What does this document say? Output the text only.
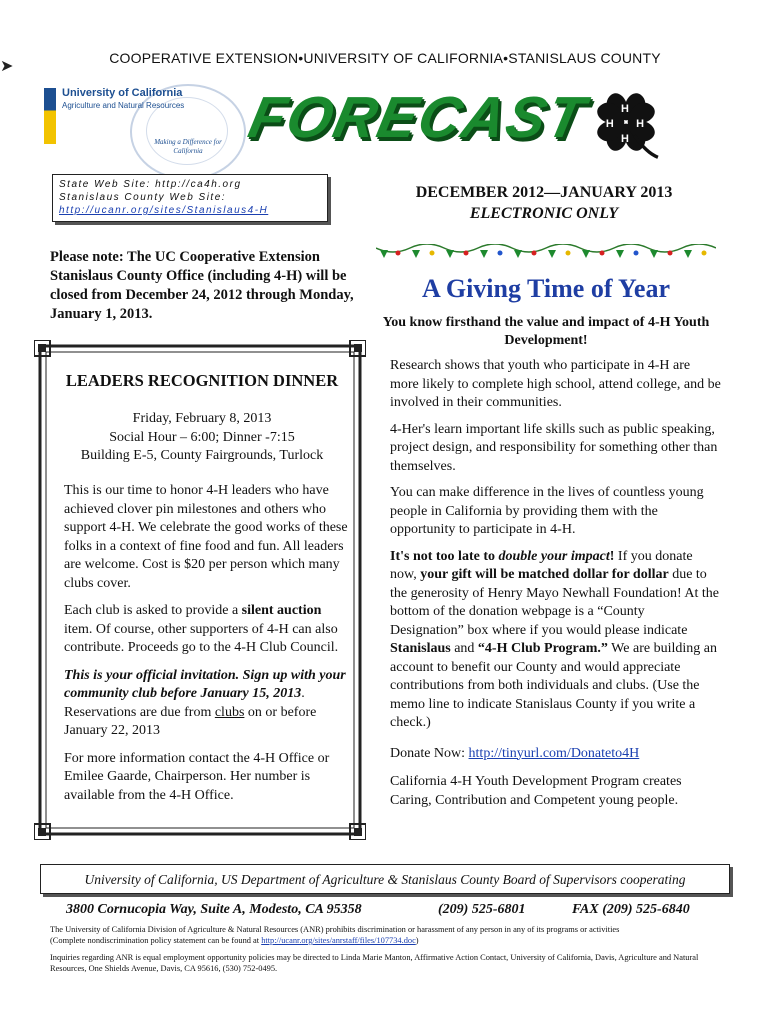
➤	COOPERATIVE EXTENSION•UNIVERSITY OF CALIFORNIA•STANISLAUS COUNTY
University of California
Agriculture and Natural Resources
Making a Difference for California
FORECAST H
H
H H
State Web Site: http://ca4h.org
Stanislaus County Web Site:
http://ucanr.org/sites/Stanislaus4-H
DECEMBER 2012—JANUARY 2013
ELECTRONIC ONLY
Please note: The UC Cooperative Extension Stanislaus County Office (including 4-H) will be closed from December 24, 2012 through Monday, January 1, 2013.
A Giving Time of Year
You know firsthand the value and impact of 4-H Youth Development!
LEADERS RECOGNITION DINNER
Friday, February 8, 2013
Social Hour – 6:00; Dinner -7:15
Building E-5, County Fairgrounds, Turlock

This is our time to honor 4-H leaders who have achieved clover pin milestones and others who support 4-H. We celebrate the good works of these folks in a context of fine food and fun. All leaders are welcome. Cost is $20 per person which many clubs cover.

Each club is asked to provide a silent auction item. Of course, other supporters of 4-H can also contribute. Proceeds go to the 4-H Club Council.

This is your official invitation. Sign up with your community club before January 15, 2013. Reservations are due from clubs on or before January 22, 2013

For more information contact the 4-H Office or Emilee Gaarde, Chairperson. Her number is available from the 4-H Office.

Research shows that youth who participate in 4-H are more likely to complete high school, attend college, and be involved in their communities.

4-Her's learn important life skills such as public speaking, project design, and responsibility for something other than themselves.

You can make difference in the lives of countless young people in California by providing them with the opportunity to participate in 4-H.

It's not too late to double your impact! If you donate now, your gift will be matched dollar for dollar due to the generosity of Henry Mayo Newhall Foundation! At the bottom of the donation webpage is a “County Designation” box where if you would please indicate Stanislaus and “4-H Club Program.” We are building an account to benefit our County and would appreciate contributions from both individuals and clubs. (Use the memo line to indicate Stanislaus County if you write a check.)

Donate Now: http://tinyurl.com/Donateto4H

California 4-H Youth Development Program creates Caring, Contribution and Competent young people.

University of California, US Department of Agriculture & Stanislaus County Board of Supervisors cooperating
3800 Cornucopia Way, Suite A, Modesto, CA 95358	(209) 525-6801	FAX (209) 525-6840
The University of California Division of Agriculture & Natural Resources (ANR) prohibits discrimination or harassment of any person in any of its programs or activities
(Complete nondiscrimination policy statement can be found at http://ucanr.org/sites/anrstaff/files/107734.doc)
Inquiries regarding ANR is equal employment opportunity policies may be directed to Linda Marie Manton, Affirmative Action Contact, University of California, Davis, Agriculture and Natural Resources, One Shields Avenue, Davis, CA 95616, (530) 752-0495.
